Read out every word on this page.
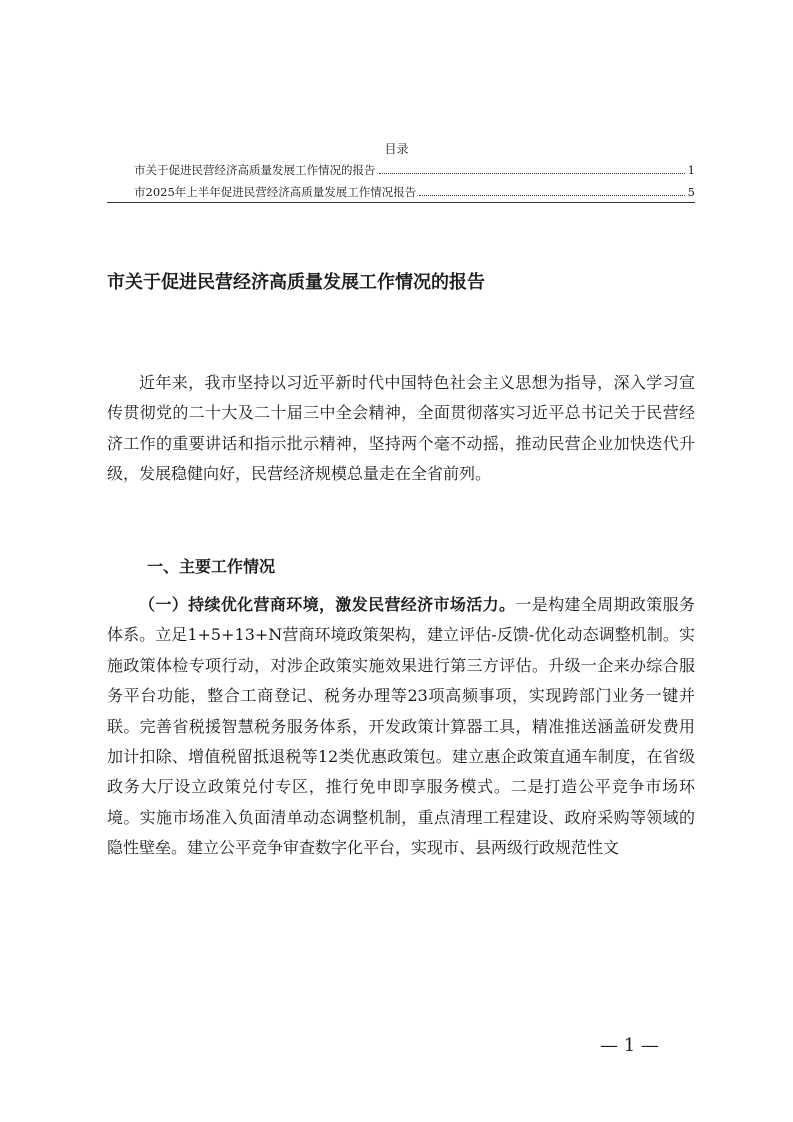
目录
市关于促进民营经济高质量发展工作情况的报告	1
市2025年上半年促进民营经济高质量发展工作情况报告	5
市关于促进民营经济高质量发展工作情况的报告

近年来，我市坚持以习近平新时代中国特色社会主义思想为指导，深入学习宣传贯彻党的二十大及二十届三中全会精神，全面贯彻落实习近平总书记关于民营经济工作的重要讲话和指示批示精神，坚持两个毫不动摇，推动民营企业加快迭代升级，发展稳健向好，民营经济规模总量走在全省前列。

一、主要工作情况

（一）持续优化营商环境，激发民营经济市场活力。一是构建全周期政策服务体系。立足1+5+13+N营商环境政策架构，建立评估-反馈-优化动态调整机制。实施政策体检专项行动，对涉企政策实施效果进行第三方评估。升级一企来办综合服务平台功能，整合工商登记、税务办理等23项高频事项，实现跨部门业务一键并联。完善省税援智慧税务服务体系，开发政策计算器工具，精准推送涵盖研发费用加计扣除、增值税留抵退税等12类优惠政策包。建立惠企政策直通车制度，在省级政务大厅设立政策兑付专区，推行免申即享服务模式。二是打造公平竞争市场环境。实施市场准入负面清单动态调整机制，重点清理工程建设、政府采购等领域的隐性壁垒。建立公平竞争审查数字化平台，实现市、县两级行政规范性文

— 1 —
